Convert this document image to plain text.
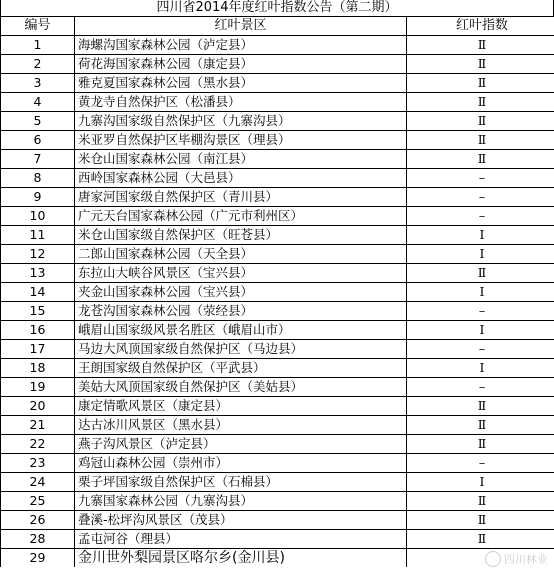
四川省2014年度红叶指数公告（第二期）
编号	红叶景区	红叶指数
1	海螺沟国家森林公园（泸定县）	Ⅱ
2	荷花海国家森林公园（康定县）	Ⅱ
3	雅克夏国家森林公园（黑水县）	Ⅱ
4	黄龙寺自然保护区（松潘县）	Ⅱ
5	九寨沟国家级自然保护区（九寨沟县）	Ⅱ
6	米亚罗自然保护区毕棚沟景区（理县）	Ⅱ
7	米仓山国家森林公园（南江县）	Ⅱ
8	西岭国家森林公园（大邑县）	–
9	唐家河国家级自然保护区（青川县）	–
10	广元天台国家森林公园（广元市利州区）	–
11	米仓山国家级自然保护区（旺苍县）	Ⅰ
12	二郎山国家森林公园（天全县）	Ⅰ
13	东拉山大峡谷风景区（宝兴县）	Ⅱ
14	夹金山国家森林公园（宝兴县）	Ⅰ
15	龙苍沟国家森林公园（荥经县）	–
16	峨眉山国家级风景名胜区（峨眉山市）	Ⅰ
17	马边大风顶国家级自然保护区（马边县）	–
18	王朗国家级自然保护区（平武县）	Ⅰ
19	美姑大风顶国家级自然保护区（美姑县）	–
20	康定情歌风景区（康定县）	Ⅱ
21	达古冰川风景区（黑水县）	Ⅱ
22	燕子沟风景区（泸定县）	Ⅱ
23	鸡冠山森林公园（崇州市）	–
24	栗子坪国家级自然保护区（石棉县）	Ⅰ
25	九寨国家森林公园（九寨沟县）	Ⅱ
26	叠溪-松坪沟风景区（茂县）	Ⅱ
28	孟屯河谷（理县）	Ⅱ
29	金川世外梨园景区咯尔乡(金川县)		四川林业
